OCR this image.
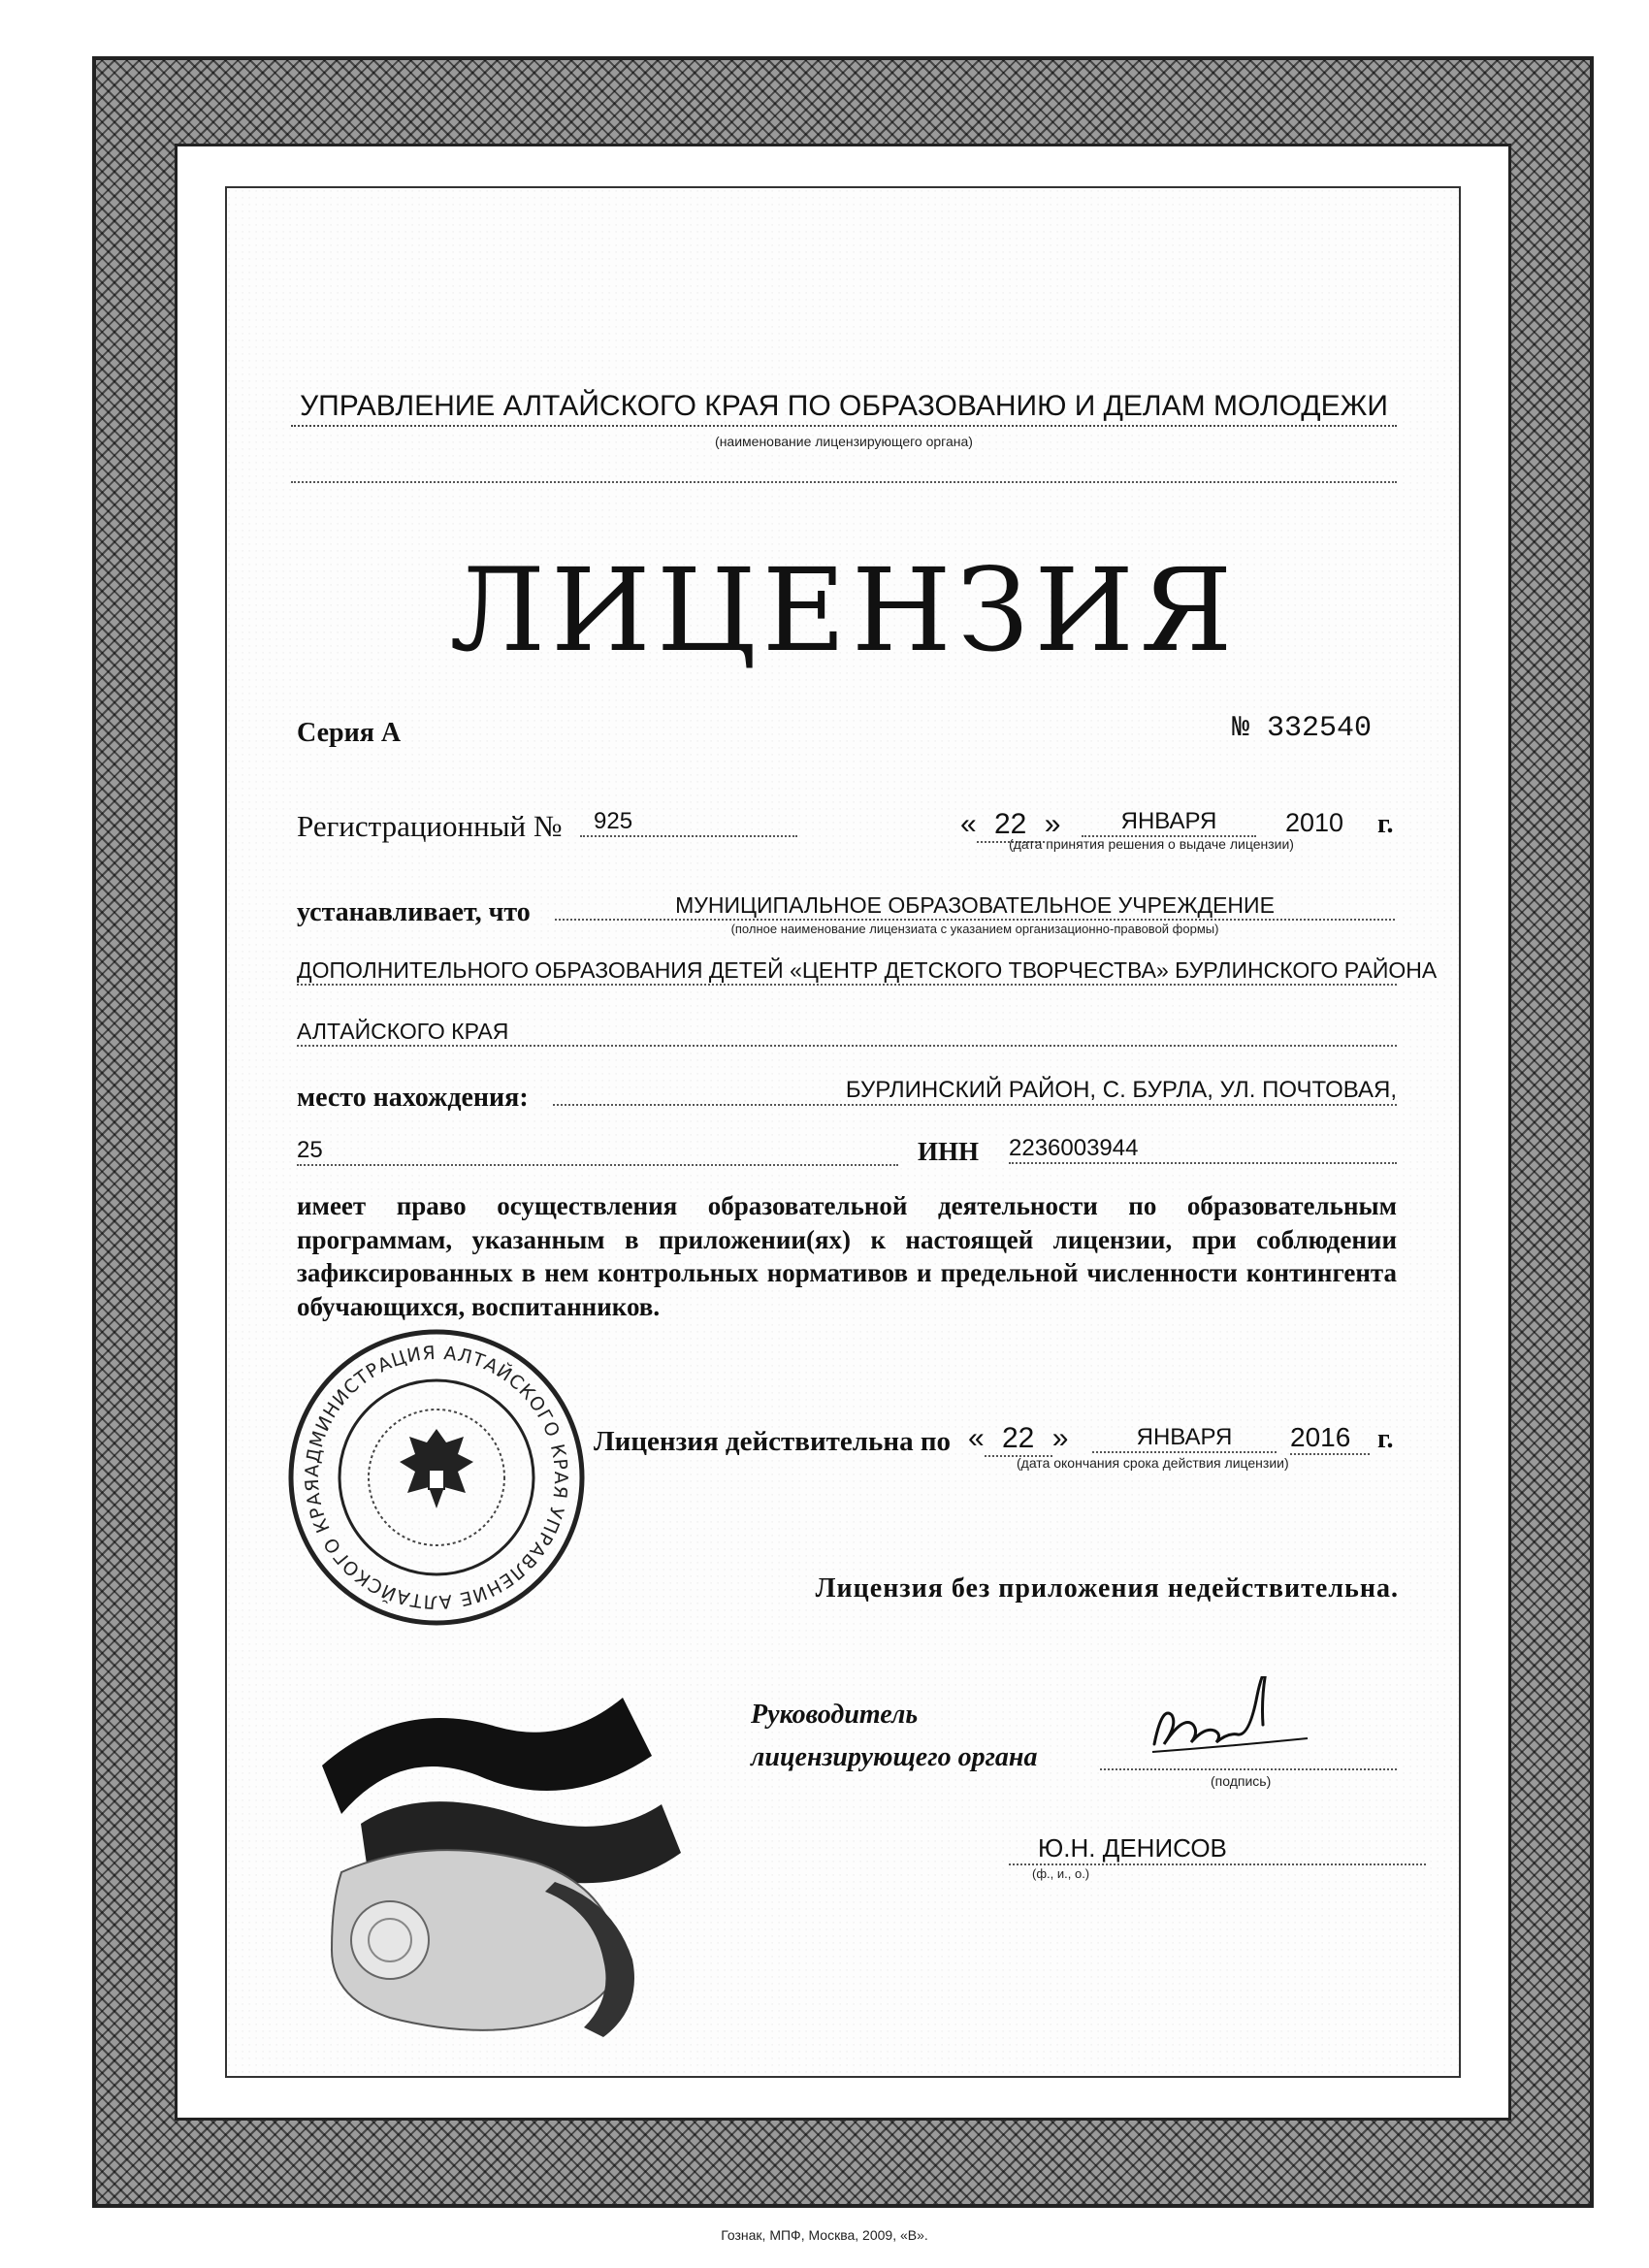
УПРАВЛЕНИЕ АЛТАЙСКОГО КРАЯ ПО ОБРАЗОВАНИЮ И ДЕЛАМ МОЛОДЕЖИ
(наименование лицензирующего органа)
ЛИЦЕНЗИЯ
Серия А	№ 332540
Регистрационный №	925	« 22 »	ЯНВАРЯ	2010 г.
(дата принятия решения о выдаче лицензии)
устанавливает, что	МУНИЦИПАЛЬНОЕ ОБРАЗОВАТЕЛЬНОЕ УЧРЕЖДЕНИЕ
(полное наименование лицензиата с указанием организационно-правовой формы)
ДОПОЛНИТЕЛЬНОГО ОБРАЗОВАНИЯ ДЕТЕЙ «ЦЕНТР ДЕТСКОГО ТВОРЧЕСТВА» БУРЛИНСКОГО РАЙОНА
АЛТАЙСКОГО КРАЯ
место нахождения:	БУРЛИНСКИЙ РАЙОН, С. БУРЛА, УЛ. ПОЧТОВАЯ,
25	ИНН 2236003944
имеет право осуществления образовательной деятельности по образовательным программам, указанным в приложении(ях) к настоящей лицензии, при соблюдении зафиксированных в нем контрольных нормативов и предельной численности контингента обучающихся, воспитанников.
АДМИНИСТРАЦИЯ АЛТАЙСКОГО КРАЯ УПРАВЛЕНИЕ АЛТАЙСКОГО КРАЯ
Лицензия действительна по « 22 »	ЯНВАРЯ	2016 г.
(дата окончания срока действия лицензии)
Лицензия без приложения недействительна.
Руководитель
лицензирующего органа
(подпись)
Ю.Н. ДЕНИСОВ
(ф., и., о.)
Гознак, МПФ, Москва, 2009, «В».
